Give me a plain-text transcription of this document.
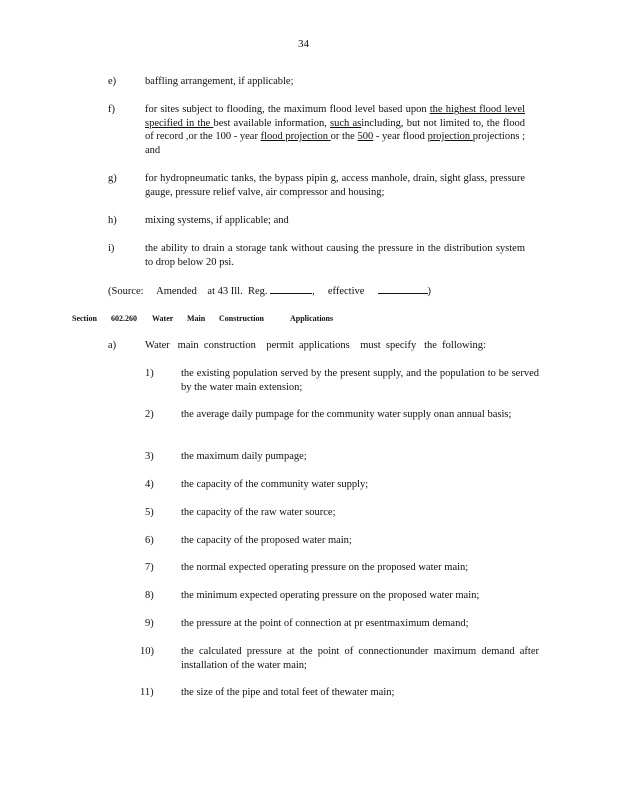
34
e)	baffling arrangement, if applicable;
f)	for sites subject to flooding, the maximum flood level based upon the highest flood level specified in the best available information, such asincluding, but not limited to, the flood of record ,or the 100 - year flood projection or the 500 - year flood projection projections ; and
g)	for hydropneumatic tanks, the bypass pipin g, access manhole, drain, sight glass, pressure gauge, pressure relief valve, air compressor and housing;
h)	mixing systems, if applicable; and
i)	the ability to drain a storage tank without causing the pressure in the distribution system to drop below 20 psi.
(Source:     Amended    at 43 Ill.  Reg.	,     effective	)
Section 602.260 Water Main Construction	Applications
a)	Water   main  construction    permit  applications    must  specify   the  following:
1)	the existing population served by the present supply, and the population to be served by the water main extension;
2)	the average daily pumpage for the community water supply onan annual basis;
3)	the maximum daily pumpage;
4)	the capacity of the community water supply;
5)	the capacity of the raw water source;
6)	the capacity of the proposed water main;
7)	the normal expected operating pressure on the proposed water main;
8)	the minimum expected operating pressure on the proposed water main;
9)	the pressure at the point of connection at pr esentmaximum demand;
10)	the calculated pressure at the point of connectionunder maximum demand after installation of the water main;
11)	the size of the pipe and total feet of thewater main;
